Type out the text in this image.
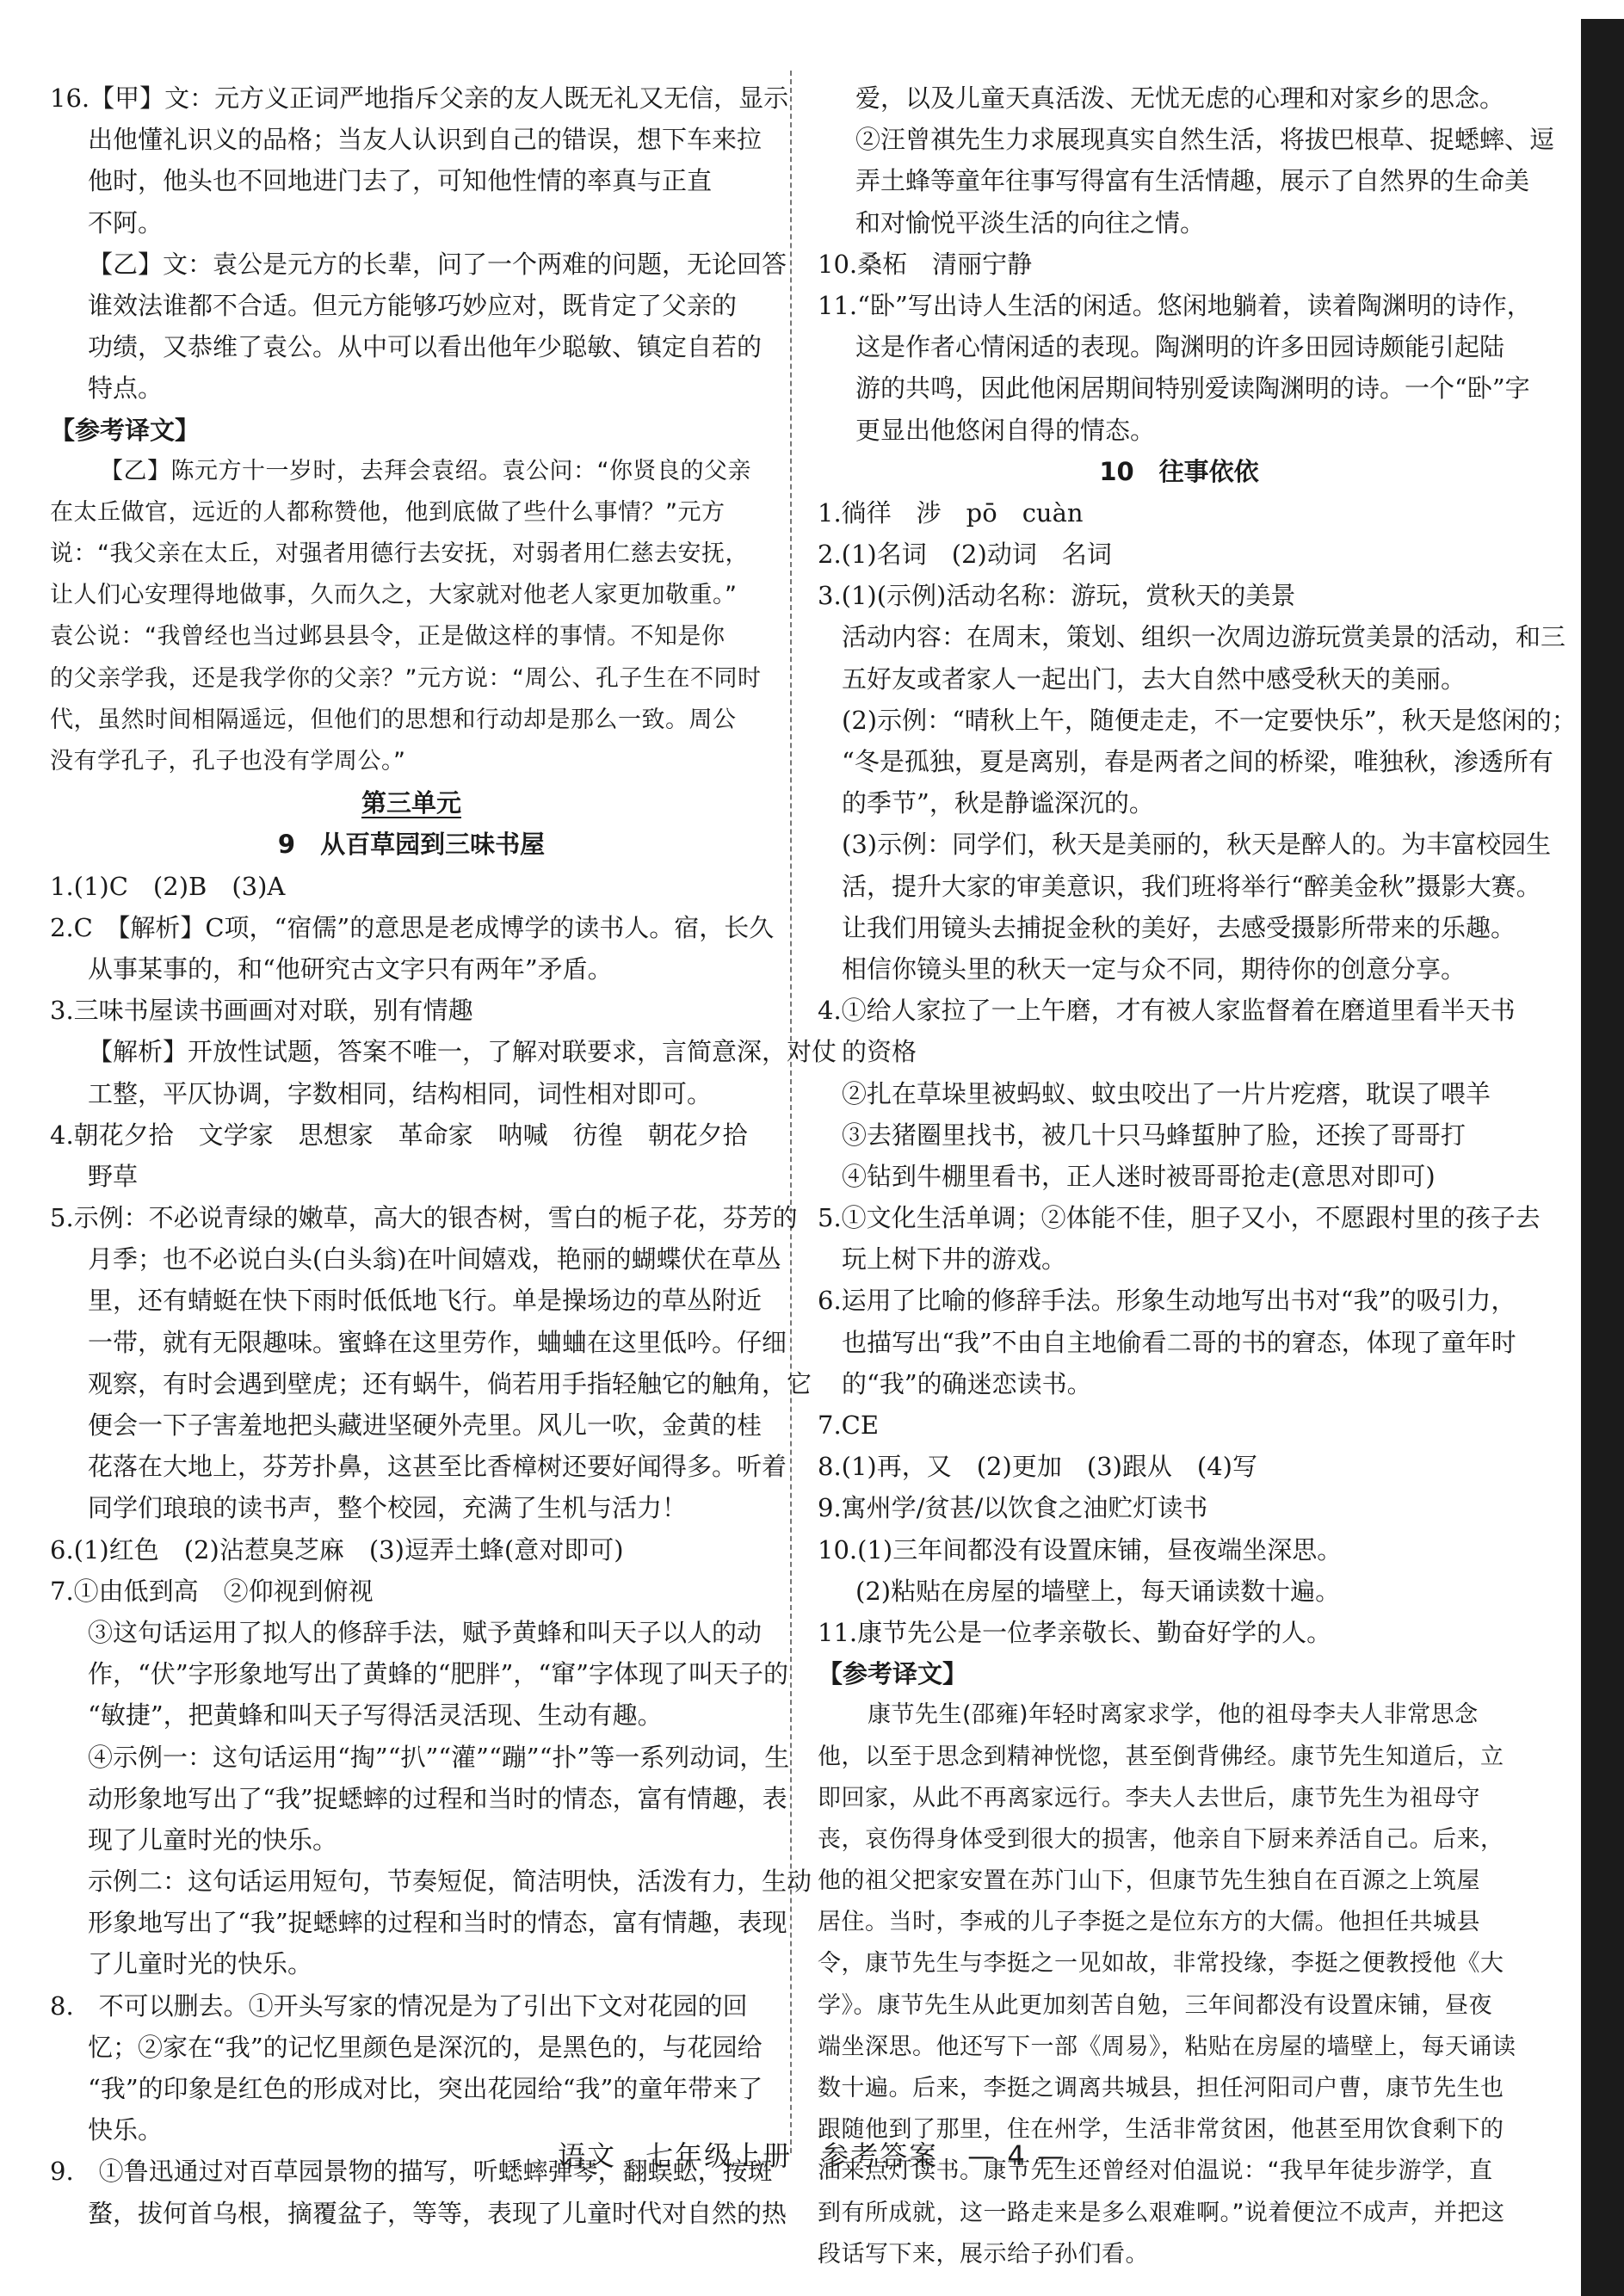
16.【甲】文：元方义正词严地指斥父亲的友人既无礼又无信，显示
出他懂礼识义的品格；当友人认识到自己的错误，想下车来拉
他时，他头也不回地进门去了，可知他性情的率真与正直
不阿。
【乙】文：袁公是元方的长辈，问了一个两难的问题，无论回答
谁效法谁都不合适。但元方能够巧妙应对，既肯定了父亲的
功绩，又恭维了袁公。从中可以看出他年少聪敏、镇定自若的
特点。
【参考译文】
【乙】陈元方十一岁时，去拜会袁绍。袁公问：“你贤良的父亲
在太丘做官，远近的人都称赞他，他到底做了些什么事情？”元方
说：“我父亲在太丘，对强者用德行去安抚，对弱者用仁慈去安抚，
让人们心安理得地做事，久而久之，大家就对他老人家更加敬重。”
袁公说：“我曾经也当过邺县县令，正是做这样的事情。不知是你
的父亲学我，还是我学你的父亲？”元方说：“周公、孔子生在不同时
代，虽然时间相隔遥远，但他们的思想和行动却是那么一致。周公
没有学孔子，孔子也没有学周公。”
第三单元
9　从百草园到三味书屋
1.(1)C　(2)B　(3)A
2.C　【解析】C项，“宿儒”的意思是老成博学的读书人。宿，长久
从事某事的，和“他研究古文字只有两年”矛盾。
3.三味书屋读书画画对对联，别有情趣
【解析】开放性试题，答案不唯一，了解对联要求，言简意深，对仗
工整，平仄协调，字数相同，结构相同，词性相对即可。
4.朝花夕拾　文学家　思想家　革命家　呐喊　彷徨　朝花夕拾
野草
5.示例：不必说青绿的嫩草，高大的银杏树，雪白的栀子花，芬芳的
月季；也不必说白头(白头翁)在叶间嬉戏，艳丽的蝴蝶伏在草丛
里，还有蜻蜓在快下雨时低低地飞行。单是操场边的草丛附近
一带，就有无限趣味。蜜蜂在这里劳作，蛐蛐在这里低吟。仔细
观察，有时会遇到壁虎；还有蜗牛，倘若用手指轻触它的触角，它
便会一下子害羞地把头藏进坚硬外壳里。风儿一吹，金黄的桂
花落在大地上，芬芳扑鼻，这甚至比香樟树还要好闻得多。听着
同学们琅琅的读书声，整个校园，充满了生机与活力！
6.(1)红色　(2)沾惹臭芝麻　(3)逗弄土蜂(意对即可)
7.①由低到高　②仰视到俯视
③这句话运用了拟人的修辞手法，赋予黄蜂和叫天子以人的动
作，“伏”字形象地写出了黄蜂的“肥胖”，“窜”字体现了叫天子的
“敏捷”，把黄蜂和叫天子写得活灵活现、生动有趣。
④示例一：这句话运用“掏”“扒”“灌”“蹦”“扑”等一系列动词，生
动形象地写出了“我”捉蟋蟀的过程和当时的情态，富有情趣，表
现了儿童时光的快乐。
示例二：这句话运用短句，节奏短促，简洁明快，活泼有力，生动
形象地写出了“我”捉蟋蟀的过程和当时的情态，富有情趣，表现
了儿童时光的快乐。
8.　不可以删去。①开头写家的情况是为了引出下文对花园的回
忆；②家在“我”的记忆里颜色是深沉的，是黑色的，与花园给
“我”的印象是红色的形成对比，突出花园给“我”的童年带来了
快乐。
9.　①鲁迅通过对百草园景物的描写，听蟋蟀弹琴，翻蜈蚣，按斑
蝥，拔何首乌根，摘覆盆子，等等，表现了儿童时代对自然的热
爱，以及儿童天真活泼、无忧无虑的心理和对家乡的思念。
②汪曾祺先生力求展现真实自然生活，将拔巴根草、捉蟋蟀、逗
弄土蜂等童年往事写得富有生活情趣，展示了自然界的生命美
和对愉悦平淡生活的向往之情。
10.桑柘　清丽宁静
11.“卧”写出诗人生活的闲适。悠闲地躺着，读着陶渊明的诗作，
这是作者心情闲适的表现。陶渊明的许多田园诗颇能引起陆
游的共鸣，因此他闲居期间特别爱读陶渊明的诗。一个“卧”字
更显出他悠闲自得的情态。
10　往事依依
1.徜徉　涉　pō　cuàn
2.(1)名词　(2)动词　名词
3.(1)(示例)活动名称：游玩，赏秋天的美景
活动内容：在周末，策划、组织一次周边游玩赏美景的活动，和三
五好友或者家人一起出门，去大自然中感受秋天的美丽。
(2)示例：“晴秋上午，随便走走，不一定要快乐”，秋天是悠闲的；
“冬是孤独，夏是离别，春是两者之间的桥梁，唯独秋，渗透所有
的季节”，秋是静谧深沉的。
(3)示例：同学们，秋天是美丽的，秋天是醉人的。为丰富校园生
活，提升大家的审美意识，我们班将举行“醉美金秋”摄影大赛。
让我们用镜头去捕捉金秋的美好，去感受摄影所带来的乐趣。
相信你镜头里的秋天一定与众不同，期待你的创意分享。
4.①给人家拉了一上午磨，才有被人家监督着在磨道里看半天书
的资格
②扎在草垛里被蚂蚁、蚊虫咬出了一片片疙瘩，耽误了喂羊
③去猪圈里找书，被几十只马蜂蜇肿了脸，还挨了哥哥打
④钻到牛棚里看书，正人迷时被哥哥抢走(意思对即可)
5.①文化生活单调；②体能不佳，胆子又小，不愿跟村里的孩子去
玩上树下井的游戏。
6.运用了比喻的修辞手法。形象生动地写出书对“我”的吸引力，
也描写出“我”不由自主地偷看二哥的书的窘态，体现了童年时
的“我”的确迷恋读书。
7.CE
8.(1)再，又　(2)更加　(3)跟从　(4)写
9.寓州学/贫甚/以饮食之油贮灯读书
10.(1)三年间都没有设置床铺，昼夜端坐深思。
(2)粘贴在房屋的墙壁上，每天诵读数十遍。
11.康节先公是一位孝亲敬长、勤奋好学的人。
【参考译文】
康节先生(邵雍)年轻时离家求学，他的祖母李夫人非常思念
他，以至于思念到精神恍惚，甚至倒背佛经。康节先生知道后，立
即回家，从此不再离家远行。李夫人去世后，康节先生为祖母守
丧，哀伤得身体受到很大的损害，他亲自下厨来养活自己。后来，
他的祖父把家安置在苏门山下，但康节先生独自在百源之上筑屋
居住。当时，李戒的儿子李挺之是位东方的大儒。他担任共城县
令，康节先生与李挺之一见如故，非常投缘，李挺之便教授他《大
学》。康节先生从此更加刻苦自勉，三年间都没有设置床铺，昼夜
端坐深思。他还写下一部《周易》，粘贴在房屋的墙壁上，每天诵读
数十遍。后来，李挺之调离共城县，担任河阳司户曹，康节先生也
跟随他到了那里，住在州学，生活非常贫困，他甚至用饮食剩下的
油来点灯读书。康节先生还曾经对伯温说：“我早年徒步游学，直
到有所成就，这一路走来是多么艰难啊。”说着便泣不成声，并把这
段话写下来，展示给子孙们看。
语文　七年级上册　参考答案　— 4 —
